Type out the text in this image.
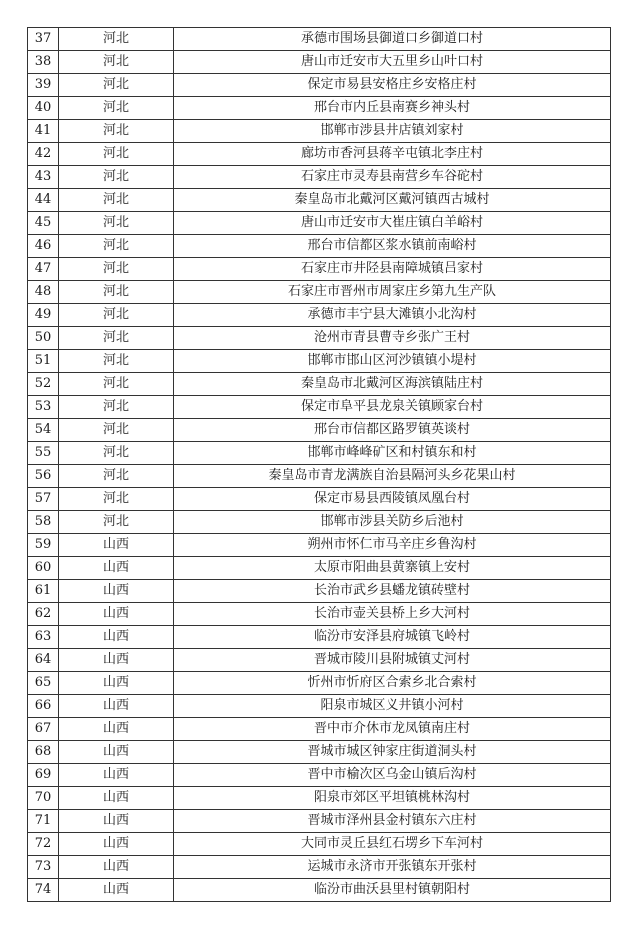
37	河北	承德市围场县御道口乡御道口村
38	河北	唐山市迁安市大五里乡山叶口村
39	河北	保定市易县安格庄乡安格庄村
40	河北	邢台市内丘县南赛乡神头村
41	河北	邯郸市涉县井店镇刘家村
42	河北	廊坊市香河县蒋辛屯镇北李庄村
43	河北	石家庄市灵寿县南营乡车谷砣村
44	河北	秦皇岛市北戴河区戴河镇西古城村
45	河北	唐山市迁安市大崔庄镇白羊峪村
46	河北	邢台市信都区浆水镇前南峪村
47	河北	石家庄市井陉县南障城镇吕家村
48	河北	石家庄市晋州市周家庄乡第九生产队
49	河北	承德市丰宁县大滩镇小北沟村
50	河北	沧州市青县曹寺乡张广王村
51	河北	邯郸市邯山区河沙镇镇小堤村
52	河北	秦皇岛市北戴河区海滨镇陆庄村
53	河北	保定市阜平县龙泉关镇顾家台村
54	河北	邢台市信都区路罗镇英谈村
55	河北	邯郸市峰峰矿区和村镇东和村
56	河北	秦皇岛市青龙满族自治县隔河头乡花果山村
57	河北	保定市易县西陵镇凤凰台村
58	河北	邯郸市涉县关防乡后池村
59	山西	朔州市怀仁市马辛庄乡鲁沟村
60	山西	太原市阳曲县黄寨镇上安村
61	山西	长治市武乡县蟠龙镇砖壁村
62	山西	长治市壶关县桥上乡大河村
63	山西	临汾市安泽县府城镇飞岭村
64	山西	晋城市陵川县附城镇丈河村
65	山西	忻州市忻府区合索乡北合索村
66	山西	阳泉市城区义井镇小河村
67	山西	晋中市介休市龙凤镇南庄村
68	山西	晋城市城区钟家庄街道洞头村
69	山西	晋中市榆次区乌金山镇后沟村
70	山西	阳泉市郊区平坦镇桃林沟村
71	山西	晋城市泽州县金村镇东六庄村
72	山西	大同市灵丘县红石塄乡下车河村
73	山西	运城市永济市开张镇东开张村
74	山西	临汾市曲沃县里村镇朝阳村
